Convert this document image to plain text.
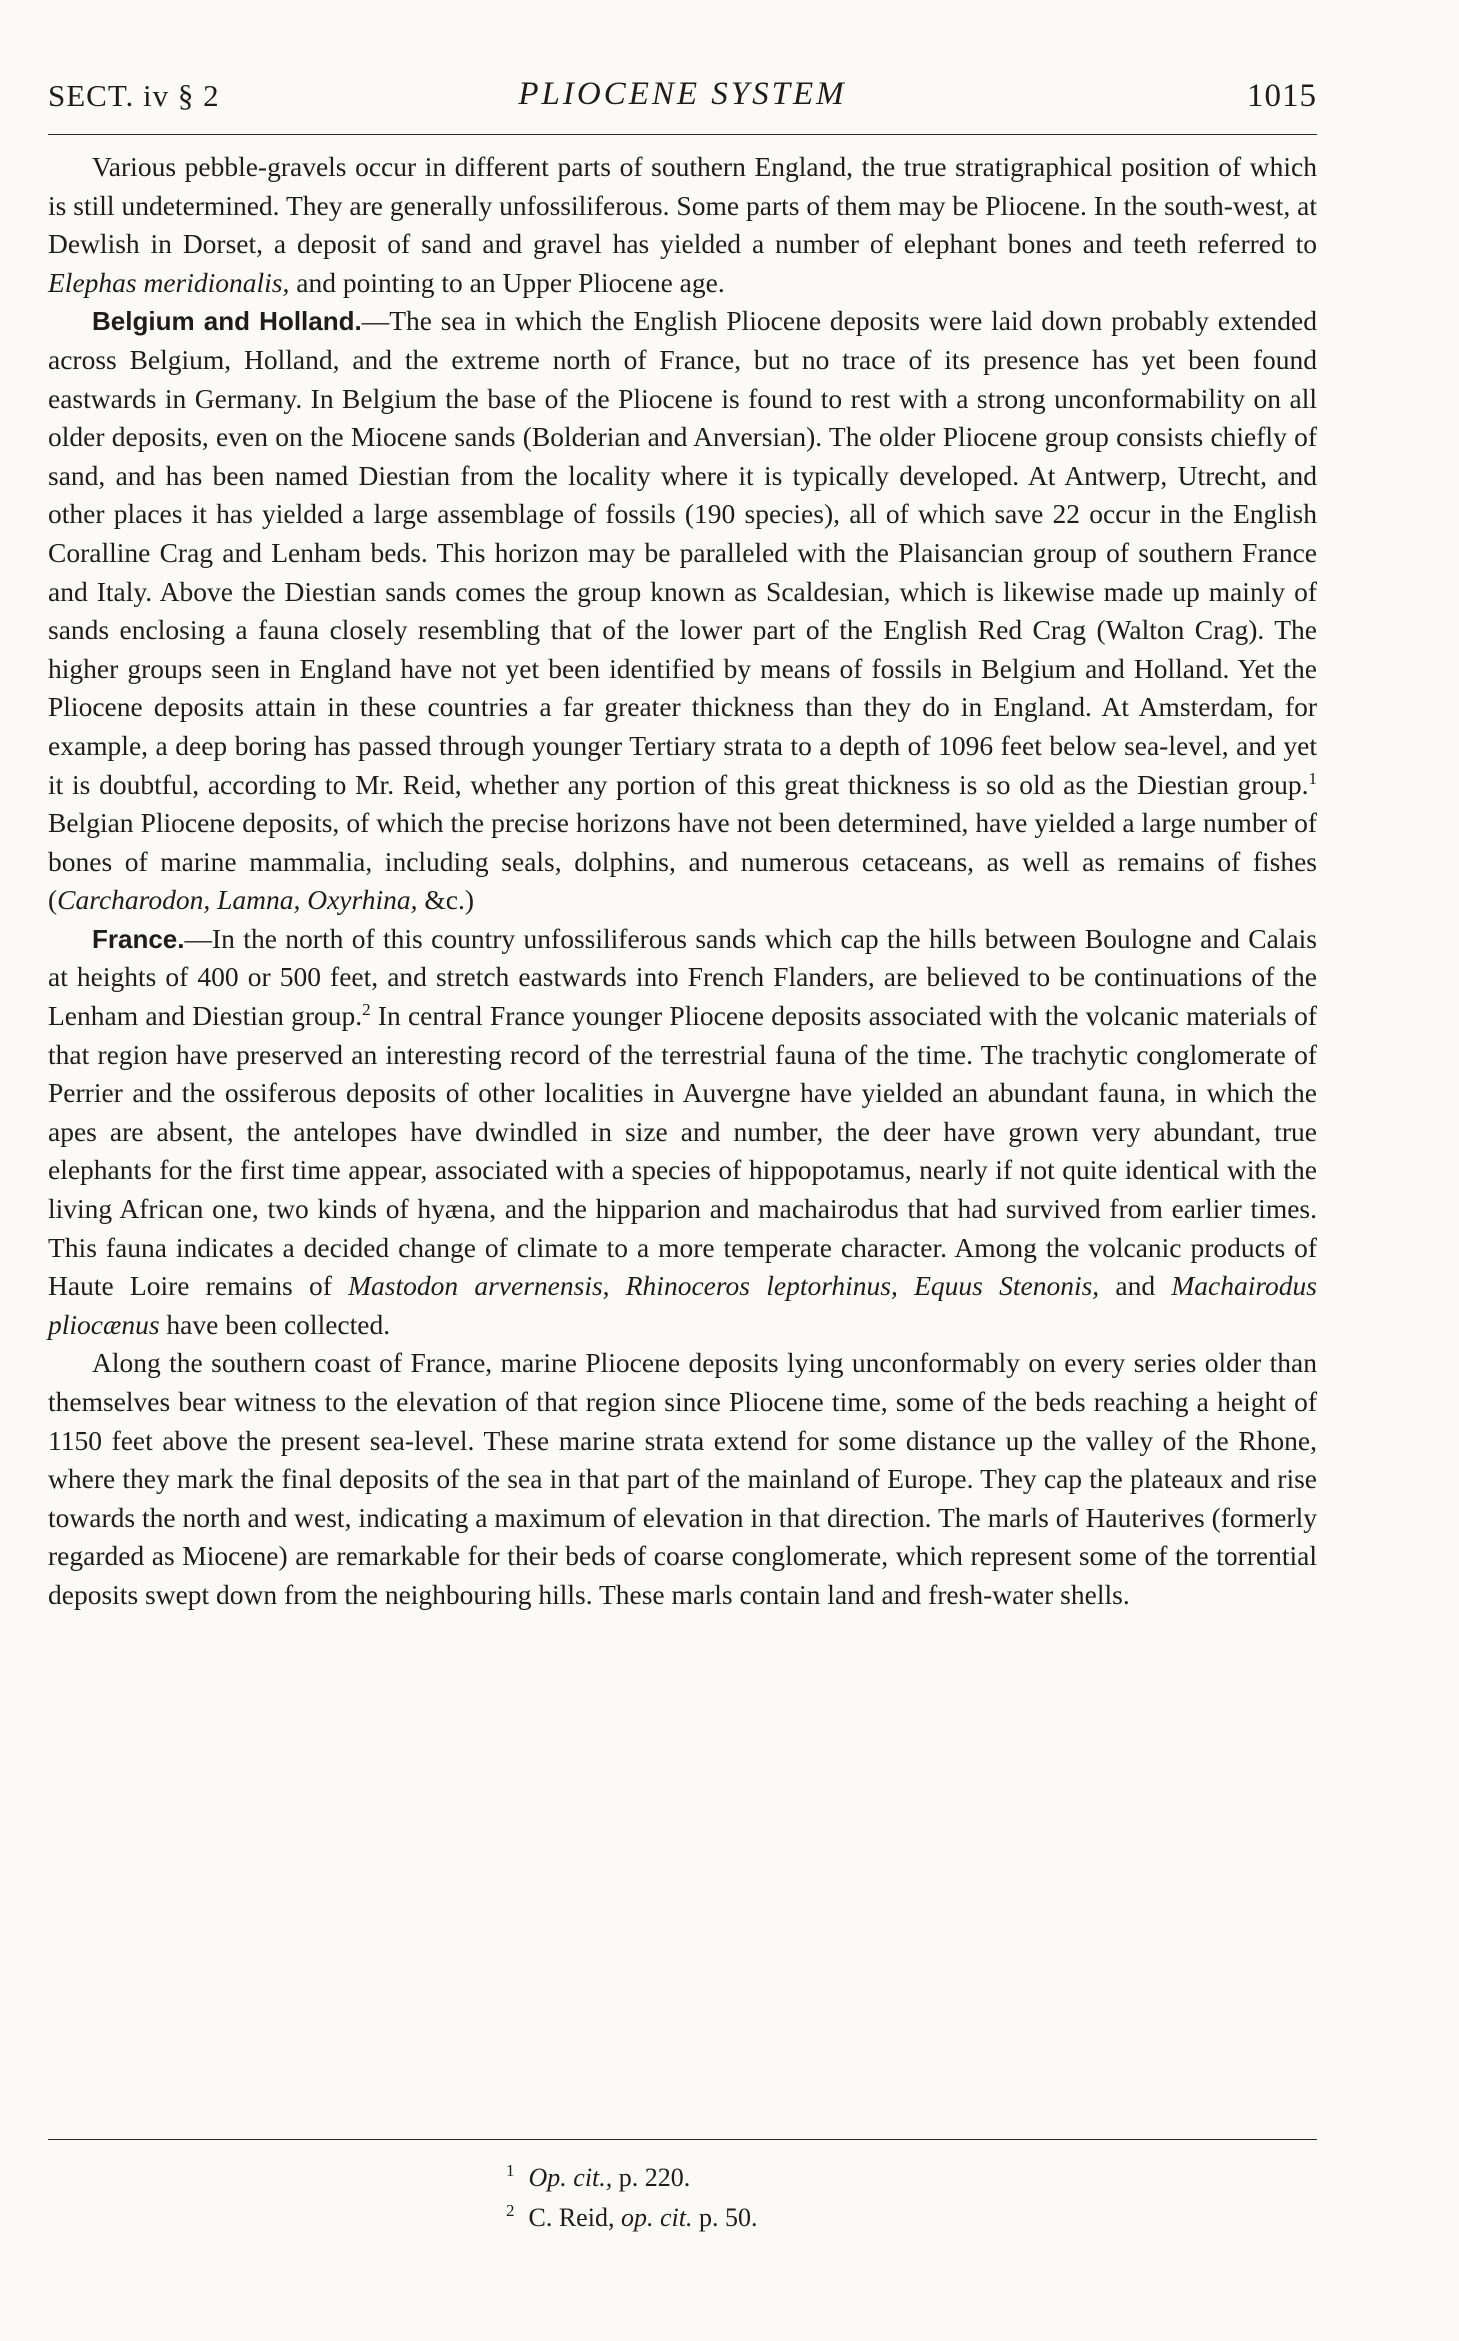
SECT. iv § 2	PLIOCENE SYSTEM	1015

Various pebble-gravels occur in different parts of southern England, the true stratigraphical position of which is still undetermined. They are generally unfossiliferous. Some parts of them may be Pliocene. In the south-west, at Dewlish in Dorset, a deposit of sand and gravel has yielded a number of elephant bones and teeth referred to Elephas meridionalis, and pointing to an Upper Pliocene age.

Belgium and Holland.—The sea in which the English Pliocene deposits were laid down probably extended across Belgium, Holland, and the extreme north of France, but no trace of its presence has yet been found eastwards in Germany. In Belgium the base of the Pliocene is found to rest with a strong unconformability on all older deposits, even on the Miocene sands (Bolderian and Anversian). The older Pliocene group consists chiefly of sand, and has been named Diestian from the locality where it is typically developed. At Antwerp, Utrecht, and other places it has yielded a large assemblage of fossils (190 species), all of which save 22 occur in the English Coralline Crag and Lenham beds. This horizon may be paralleled with the Plaisancian group of southern France and Italy. Above the Diestian sands comes the group known as Scaldesian, which is likewise made up mainly of sands enclosing a fauna closely resembling that of the lower part of the English Red Crag (Walton Crag). The higher groups seen in England have not yet been identified by means of fossils in Belgium and Holland. Yet the Pliocene deposits attain in these countries a far greater thickness than they do in England. At Amsterdam, for example, a deep boring has passed through younger Tertiary strata to a depth of 1096 feet below sea-level, and yet it is doubtful, according to Mr. Reid, whether any portion of this great thickness is so old as the Diestian group.$^1$ Belgian Pliocene deposits, of which the precise horizons have not been determined, have yielded a large number of bones of marine mammalia, including seals, dolphins, and numerous cetaceans, as well as remains of fishes (Carcharodon, Lamna, Oxyrhina, &c.)

France.—In the north of this country unfossiliferous sands which cap the hills between Boulogne and Calais at heights of 400 or 500 feet, and stretch eastwards into French Flanders, are believed to be continuations of the Lenham and Diestian group.$^2$ In central France younger Pliocene deposits associated with the volcanic materials of that region have preserved an interesting record of the terrestrial fauna of the time. The trachytic conglomerate of Perrier and the ossiferous deposits of other localities in Auvergne have yielded an abundant fauna, in which the apes are absent, the antelopes have dwindled in size and number, the deer have grown very abundant, true elephants for the first time appear, associated with a species of hippopotamus, nearly if not quite identical with the living African one, two kinds of hyæna, and the hipparion and machairodus that had survived from earlier times. This fauna indicates a decided change of climate to a more temperate character. Among the volcanic products of Haute Loire remains of Mastodon arvernensis, Rhinoceros leptorhinus, Equus Stenonis, and Machairodus pliocænus have been collected.

Along the southern coast of France, marine Pliocene deposits lying unconformably on every series older than themselves bear witness to the elevation of that region since Pliocene time, some of the beds reaching a height of 1150 feet above the present sea-level. These marine strata extend for some distance up the valley of the Rhone, where they mark the final deposits of the sea in that part of the mainland of Europe. They cap the plateaux and rise towards the north and west, indicating a maximum of elevation in that direction. The marls of Hauterives (formerly regarded as Miocene) are remarkable for their beds of coarse conglomerate, which represent some of the torrential deposits swept down from the neighbouring hills. These marls contain land and fresh-water shells.

$^1$ Op. cit., p. 220.
$^2$ C. Reid, op. cit. p. 50.
